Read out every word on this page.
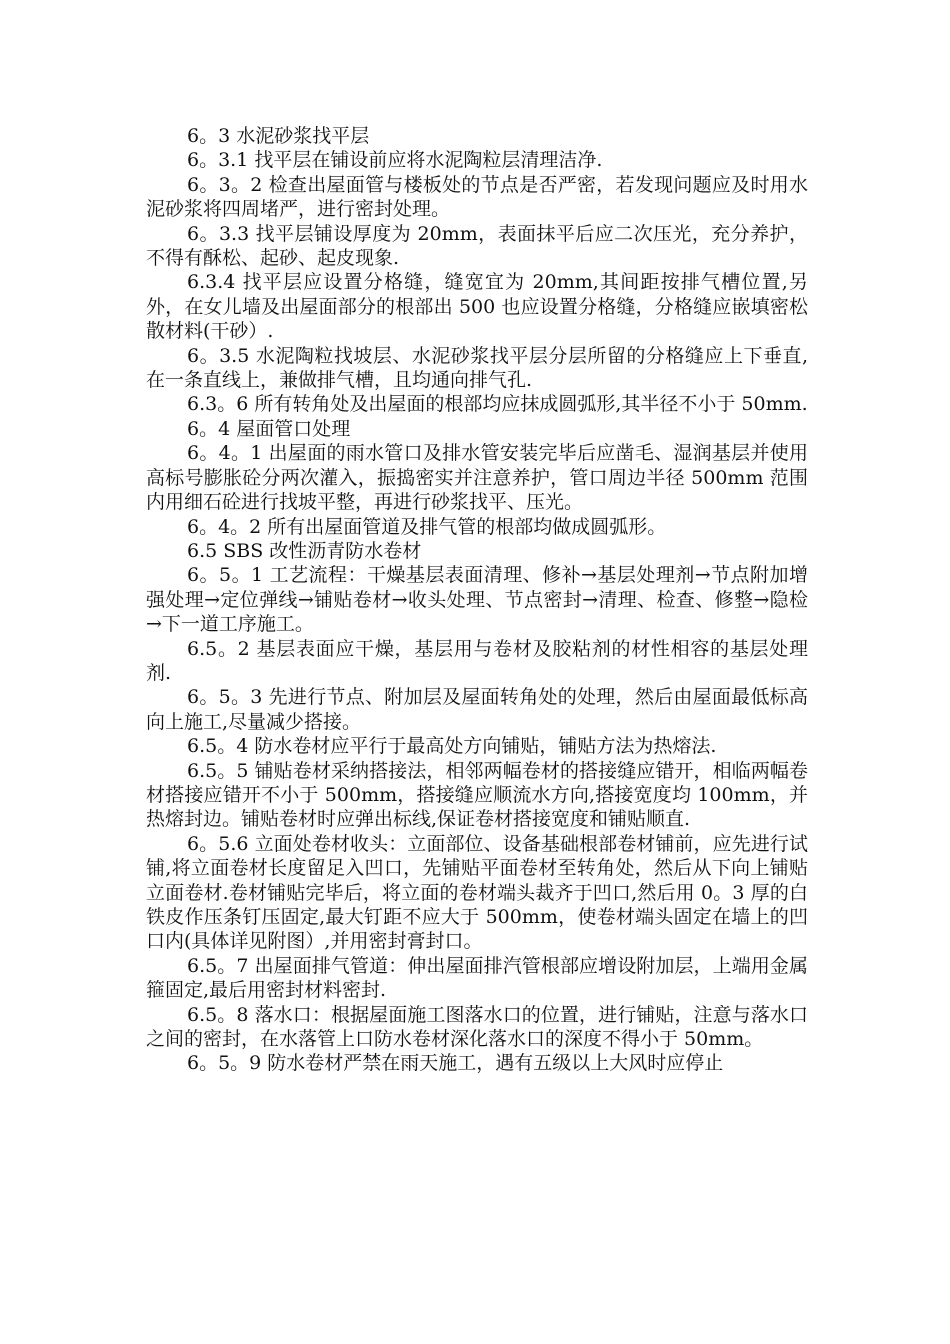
6。3 水泥砂浆找平层

6。3.1 找平层在铺设前应将水泥陶粒层清理洁净.

6。3。2 检查出屋面管与楼板处的节点是否严密，若发现问题应及时用水泥砂浆将四周堵严，进行密封处理。

6。3.3 找平层铺设厚度为 20mm，表面抹平后应二次压光，充分养护，不得有酥松、起砂、起皮现象.

6.3.4 找平层应设置分格缝，缝宽宜为 20mm,其间距按排气槽位置,另外，在女儿墙及出屋面部分的根部出 500 也应设置分格缝，分格缝应嵌填密松散材料(干砂）.

6。3.5 水泥陶粒找坡层、水泥砂浆找平层分层所留的分格缝应上下垂直,在一条直线上，兼做排气槽，且均通向排气孔.

6.3。6 所有转角处及出屋面的根部均应抹成圆弧形,其半径不小于 50mm.

6。4 屋面管口处理

6。4。1 出屋面的雨水管口及排水管安装完毕后应凿毛、湿润基层并使用高标号膨胀砼分两次灌入，振捣密实并注意养护，管口周边半径 500mm 范围内用细石砼进行找坡平整，再进行砂浆找平、压光。

6。4。2 所有出屋面管道及排气管的根部均做成圆弧形。

6.5 SBS 改性沥青防水卷材

6。5。1 工艺流程：干燥基层表面清理、修补→基层处理剂→节点附加增强处理→定位弹线→铺贴卷材→收头处理、节点密封→清理、检查、修整→隐检→下一道工序施工。

6.5。2 基层表面应干燥，基层用与卷材及胶粘剂的材性相容的基层处理剂.

6。5。3 先进行节点、附加层及屋面转角处的处理，然后由屋面最低标高向上施工,尽量减少搭接。

6.5。4 防水卷材应平行于最高处方向铺贴，铺贴方法为热熔法.

6.5。5 铺贴卷材采纳搭接法，相邻两幅卷材的搭接缝应错开，相临两幅卷材搭接应错开不小于 500mm，搭接缝应顺流水方向,搭接宽度均 100mm，并热熔封边。铺贴卷材时应弹出标线,保证卷材搭接宽度和铺贴顺直.

6。5.6 立面处卷材收头：立面部位、设备基础根部卷材铺前，应先进行试铺,将立面卷材长度留足入凹口，先铺贴平面卷材至转角处，然后从下向上铺贴立面卷材.卷材铺贴完毕后，将立面的卷材端头裁齐于凹口,然后用 0。3 厚的白铁皮作压条钉压固定,最大钉距不应大于 500mm，使卷材端头固定在墙上的凹口内(具体详见附图）,并用密封膏封口。

6.5。7 出屋面排气管道：伸出屋面排汽管根部应增设附加层，上端用金属箍固定,最后用密封材料密封.

6.5。8 落水口：根据屋面施工图落水口的位置，进行铺贴，注意与落水口之间的密封，在水落管上口防水卷材深化落水口的深度不得小于 50mm。

6。5。9 防水卷材严禁在雨天施工，遇有五级以上大风时应停止
